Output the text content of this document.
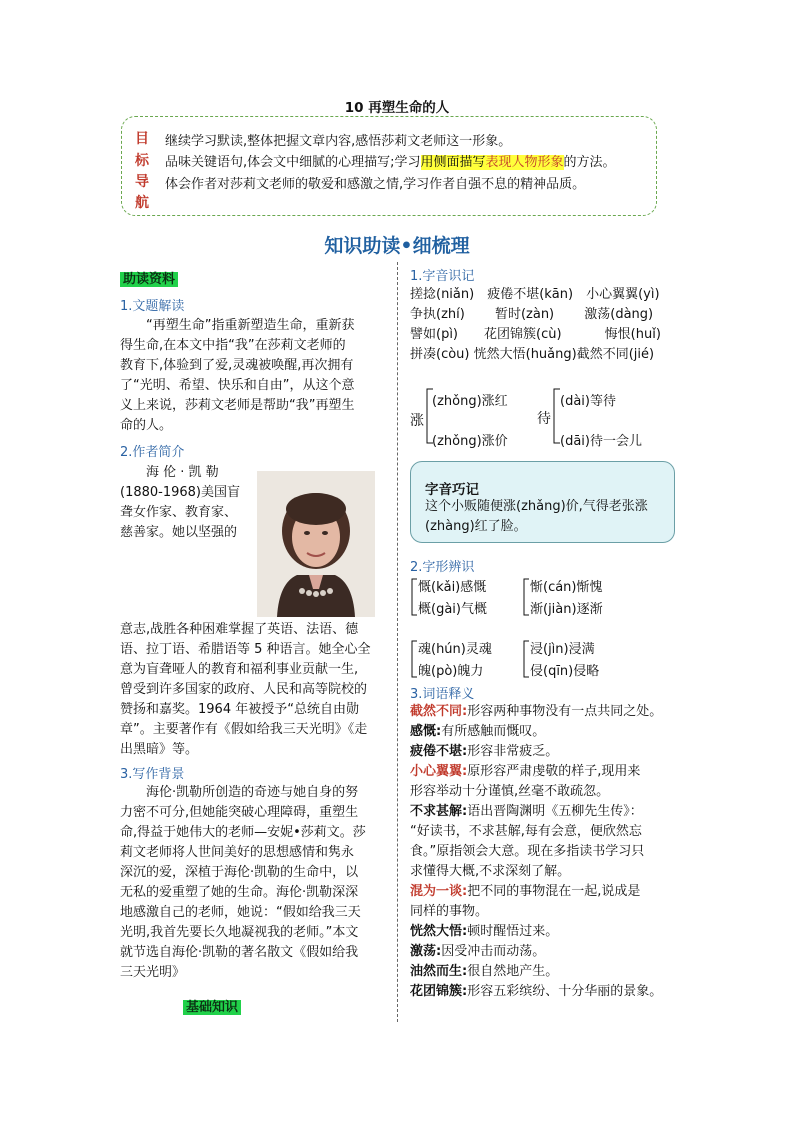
10 再塑生命的人
目
标
导
航
继续学习默读,整体把握文章内容,感悟莎莉文老师这一形象。
品味关键语句,体会文中细腻的心理描写;学习用侧面描写表现人物形象的方法。
体会作者对莎莉文老师的敬爱和感激之情,学习作者自强不息的精神品质。
知识助读•细梳理
助读资料
1.文题解读
　　“再塑生命”指重新塑造生命，重新获
得生命,在本文中指“我”在莎莉文老师的
教育下,体验到了爱,灵魂被唤醒,再次拥有
了“光明、希望、快乐和自由”，从这个意
义上来说，莎莉文老师是帮助“我”再塑生
命的人。
2.作者简介
　　海 伦 · 凯 勒
(1880-1968)美国盲
聋女作家、教育家、
慈善家。她以坚强的
意志,战胜各种困难掌握了英语、法语、德
语、拉丁语、希腊语等 5 种语言。她全心全
意为盲聋哑人的教育和福利事业贡献一生,
曾受到许多国家的政府、人民和高等院校的
赞扬和嘉奖。1964 年被授予“总统自由勋
章”。主要著作有《假如给我三天光明》《走
出黑暗》等。
3.写作背景
　　海伦·凯勒所创造的奇迹与她自身的努
力密不可分,但她能突破心理障碍，重塑生
命,得益于她伟大的老师—安妮•莎莉文。莎
莉文老师将人世间美好的思想感情和隽永
深沉的爱，深植于海伦·凯勒的生命中，以
无私的爱重塑了她的生命。海伦·凯勒深深
地感激自己的老师，她说：“假如给我三天
光明,我首先要长久地凝视我的老师。”本文
就节选自海伦·凯勒的著名散文《假如给我
三天光明》
基础知识
1.字音识记
搓捻(niǎn)　疲倦不堪(kān)　小心翼翼(yì)
争执(zhí)　　 暂时(zàn)　　 激荡(dàng)
譬如(pì)　　花团锦簇(cù)　　　 悔恨(huǐ)
拼凑(còu) 恍然大悟(huǎng)截然不同(jié)
涨
(zhǒng)涨红
(zhǒng)涨价
待
(dài)等待
(dāi)待一会儿
字音巧记
这个小贩随便涨(zhǎng)价,气得老张涨
(zhàng)红了脸。
2.字形辨识
慨(kǎi)感慨
概(gài)气概
惭(cán)惭愧
渐(jiàn)逐渐
魂(hún)灵魂
魄(pò)魄力
浸(jìn)浸满
侵(qīn)侵略
3.词语释义
截然不同:形容两种事物没有一点共同之处。
感慨:有所感触而慨叹。
疲倦不堪:形容非常疲乏。
小心翼翼:原形容严肃虔敬的样子,现用来
形容举动十分谨慎,丝毫不敢疏忽。
不求甚解:语出晋陶渊明《五柳先生传》：
“好读书，不求甚解,每有会意，便欣然忘
食。”原指领会大意。现在多指读书学习只
求懂得大概,不求深刻了解。
混为一谈:把不同的事物混在一起,说成是
同样的事物。
恍然大悟:顿时醒悟过来。
激荡:因受冲击而动荡。
油然而生:很自然地产生。
花团锦簇:形容五彩缤纷、十分华丽的景象。
